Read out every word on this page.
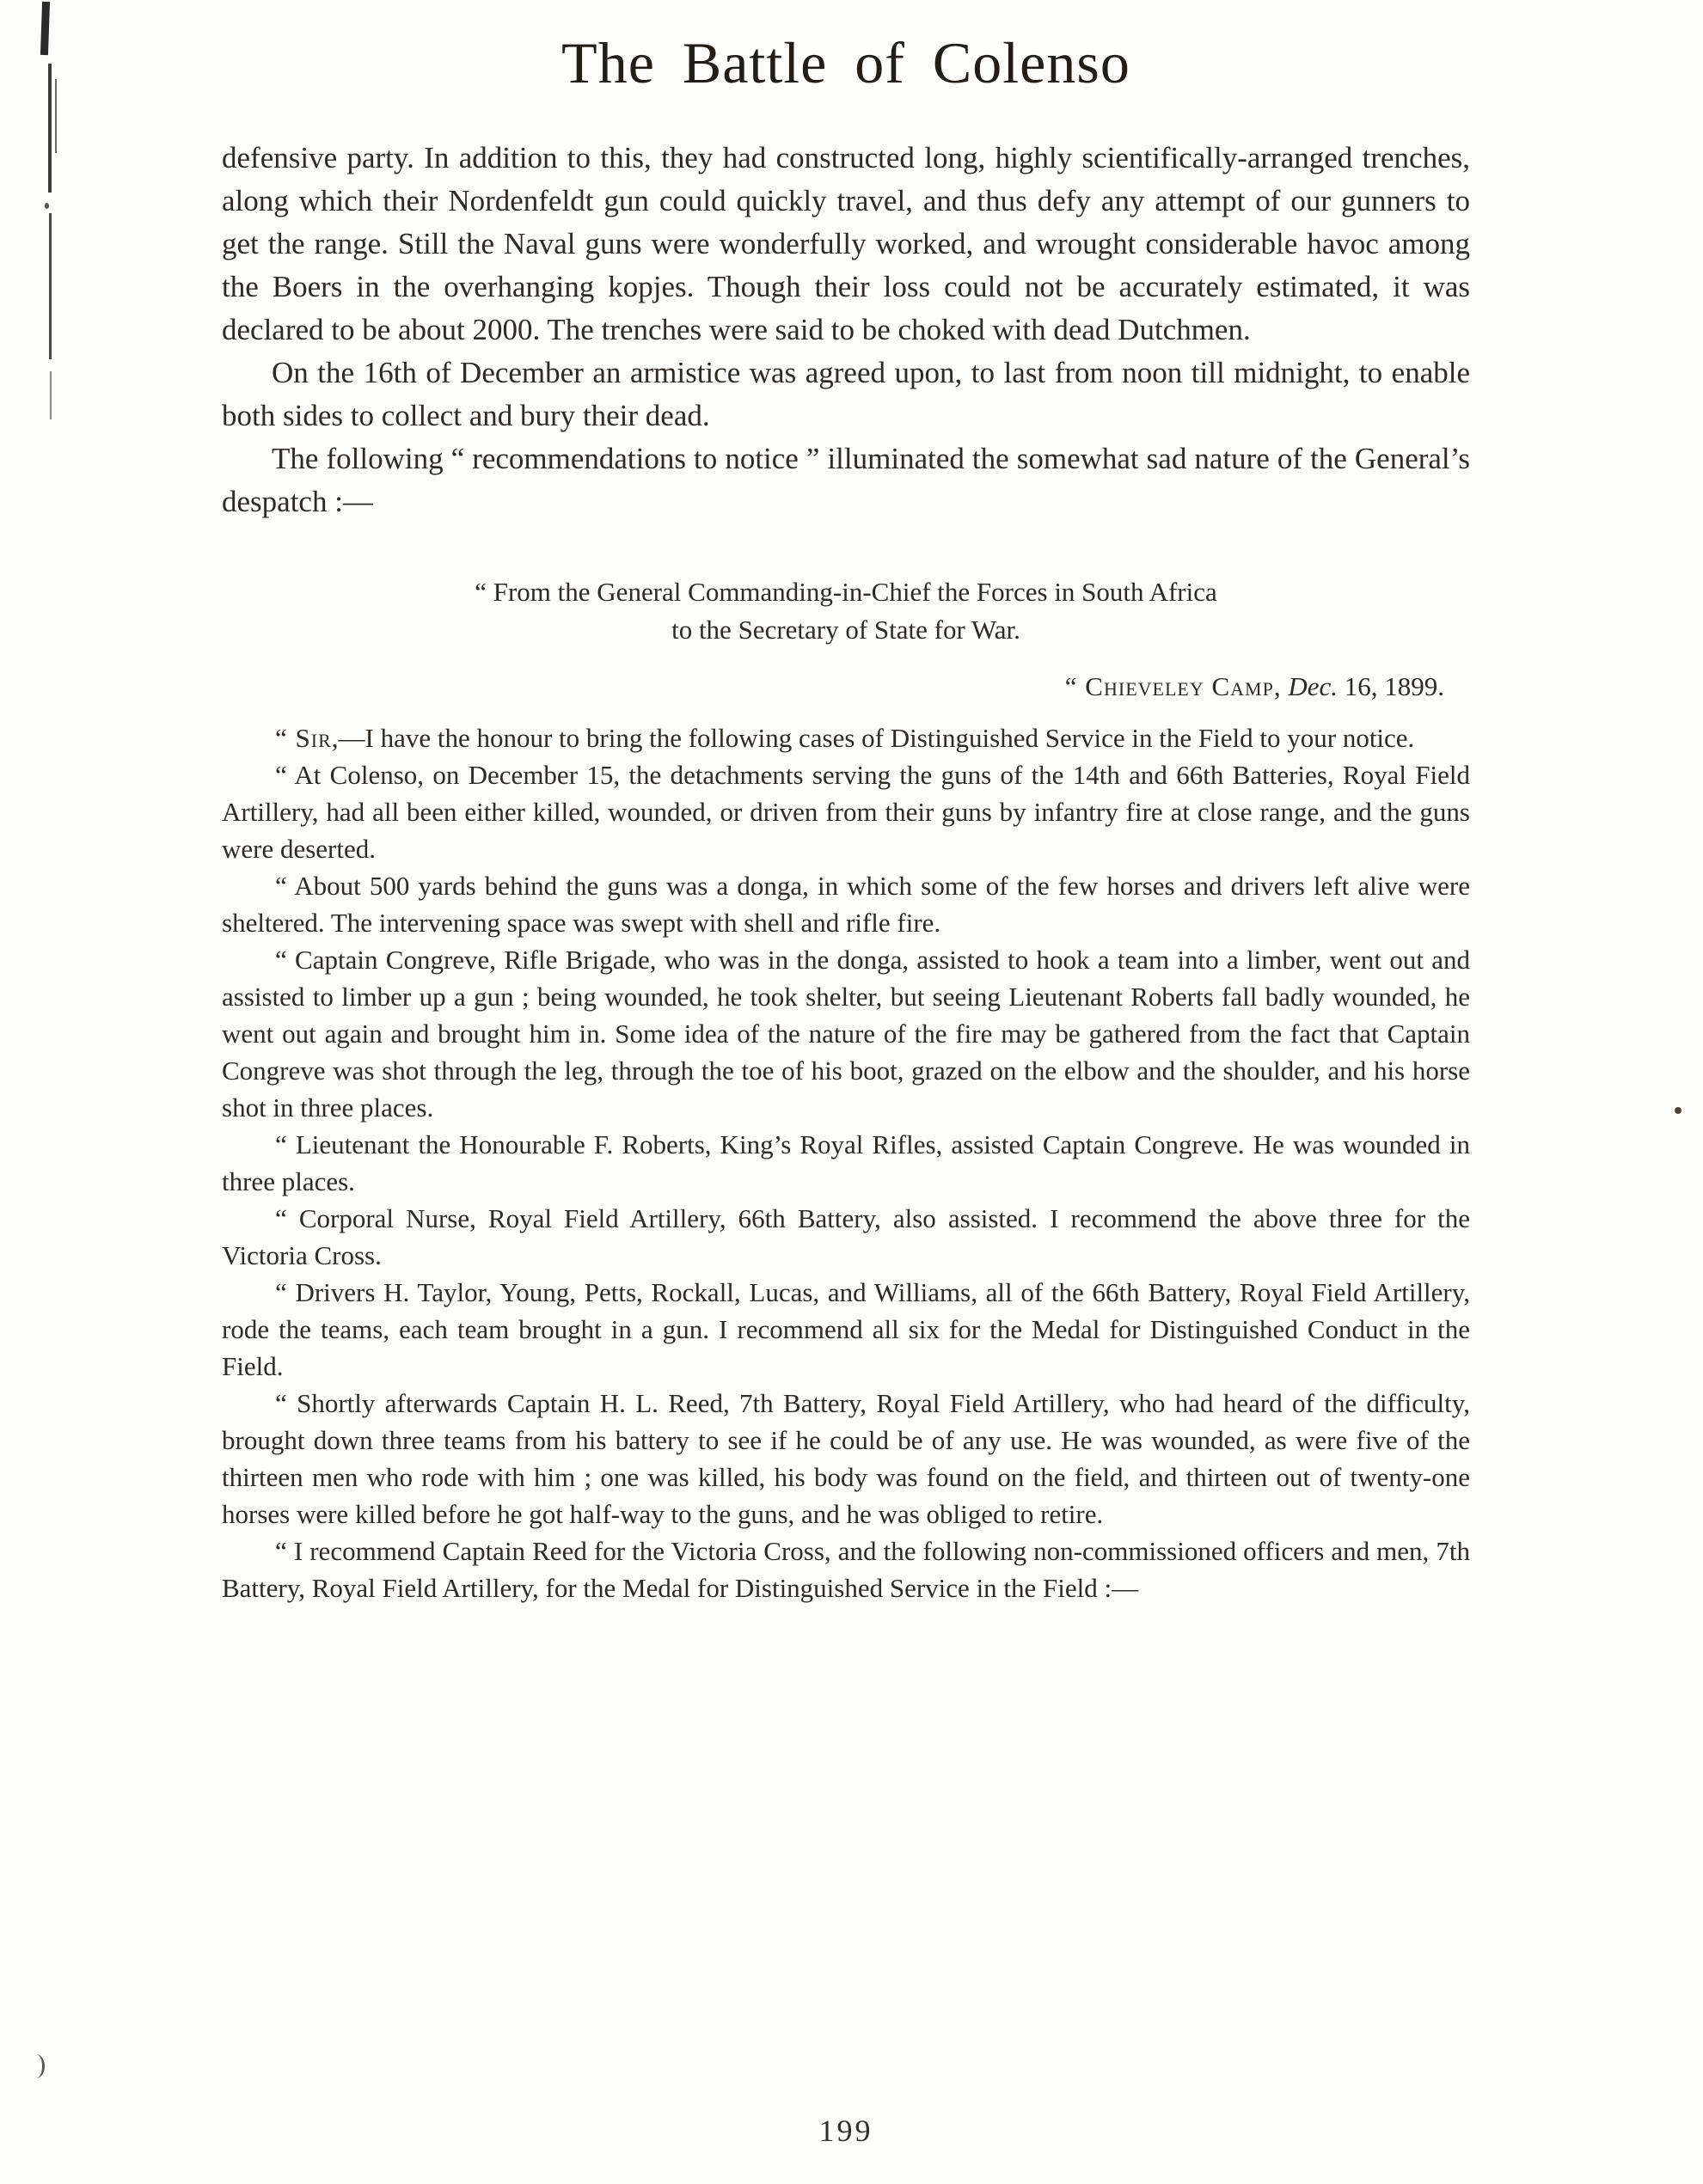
The Battle of Colenso

defensive party. In addition to this, they had constructed long, highly scientifically-arranged trenches, along which their Nordenfeldt gun could quickly travel, and thus defy any attempt of our gunners to get the range. Still the Naval guns were wonderfully worked, and wrought considerable havoc among the Boers in the overhanging kopjes. Though their loss could not be accurately estimated, it was declared to be about 2000. The trenches were said to be choked with dead Dutchmen.

On the 16th of December an armistice was agreed upon, to last from noon till midnight, to enable both sides to collect and bury their dead.

The following “ recommendations to notice ” illuminated the somewhat sad nature of the General’s despatch :—

“ From the General Commanding-in-Chief the Forces in South Africa

to the Secretary of State for War.

“ Chieveley Camp, Dec. 16, 1899.

“ Sir,—I have the honour to bring the following cases of Distinguished Service in the Field to your notice.

“ At Colenso, on December 15, the detachments serving the guns of the 14th and 66th Batteries, Royal Field Artillery, had all been either killed, wounded, or driven from their guns by infantry fire at close range, and the guns were deserted.

“ About 500 yards behind the guns was a donga, in which some of the few horses and drivers left alive were sheltered. The intervening space was swept with shell and rifle fire.

“ Captain Congreve, Rifle Brigade, who was in the donga, assisted to hook a team into a limber, went out and assisted to limber up a gun ; being wounded, he took shelter, but seeing Lieutenant Roberts fall badly wounded, he went out again and brought him in. Some idea of the nature of the fire may be gathered from the fact that Captain Congreve was shot through the leg, through the toe of his boot, grazed on the elbow and the shoulder, and his horse shot in three places.

“ Lieutenant the Honourable F. Roberts, King’s Royal Rifles, assisted Captain Congreve. He was wounded in three places.

“ Corporal Nurse, Royal Field Artillery, 66th Battery, also assisted. I recommend the above three for the Victoria Cross.

“ Drivers H. Taylor, Young, Petts, Rockall, Lucas, and Williams, all of the 66th Battery, Royal Field Artillery, rode the teams, each team brought in a gun. I recommend all six for the Medal for Distinguished Conduct in the Field.

“ Shortly afterwards Captain H. L. Reed, 7th Battery, Royal Field Artillery, who had heard of the difficulty, brought down three teams from his battery to see if he could be of any use. He was wounded, as were five of the thirteen men who rode with him ; one was killed, his body was found on the field, and thirteen out of twenty-one horses were killed before he got half-way to the guns, and he was obliged to retire.

“ I recommend Captain Reed for the Victoria Cross, and the following non-commissioned officers and men, 7th Battery, Royal Field Artillery, for the Medal for Distinguished Service in the Field :—

199
